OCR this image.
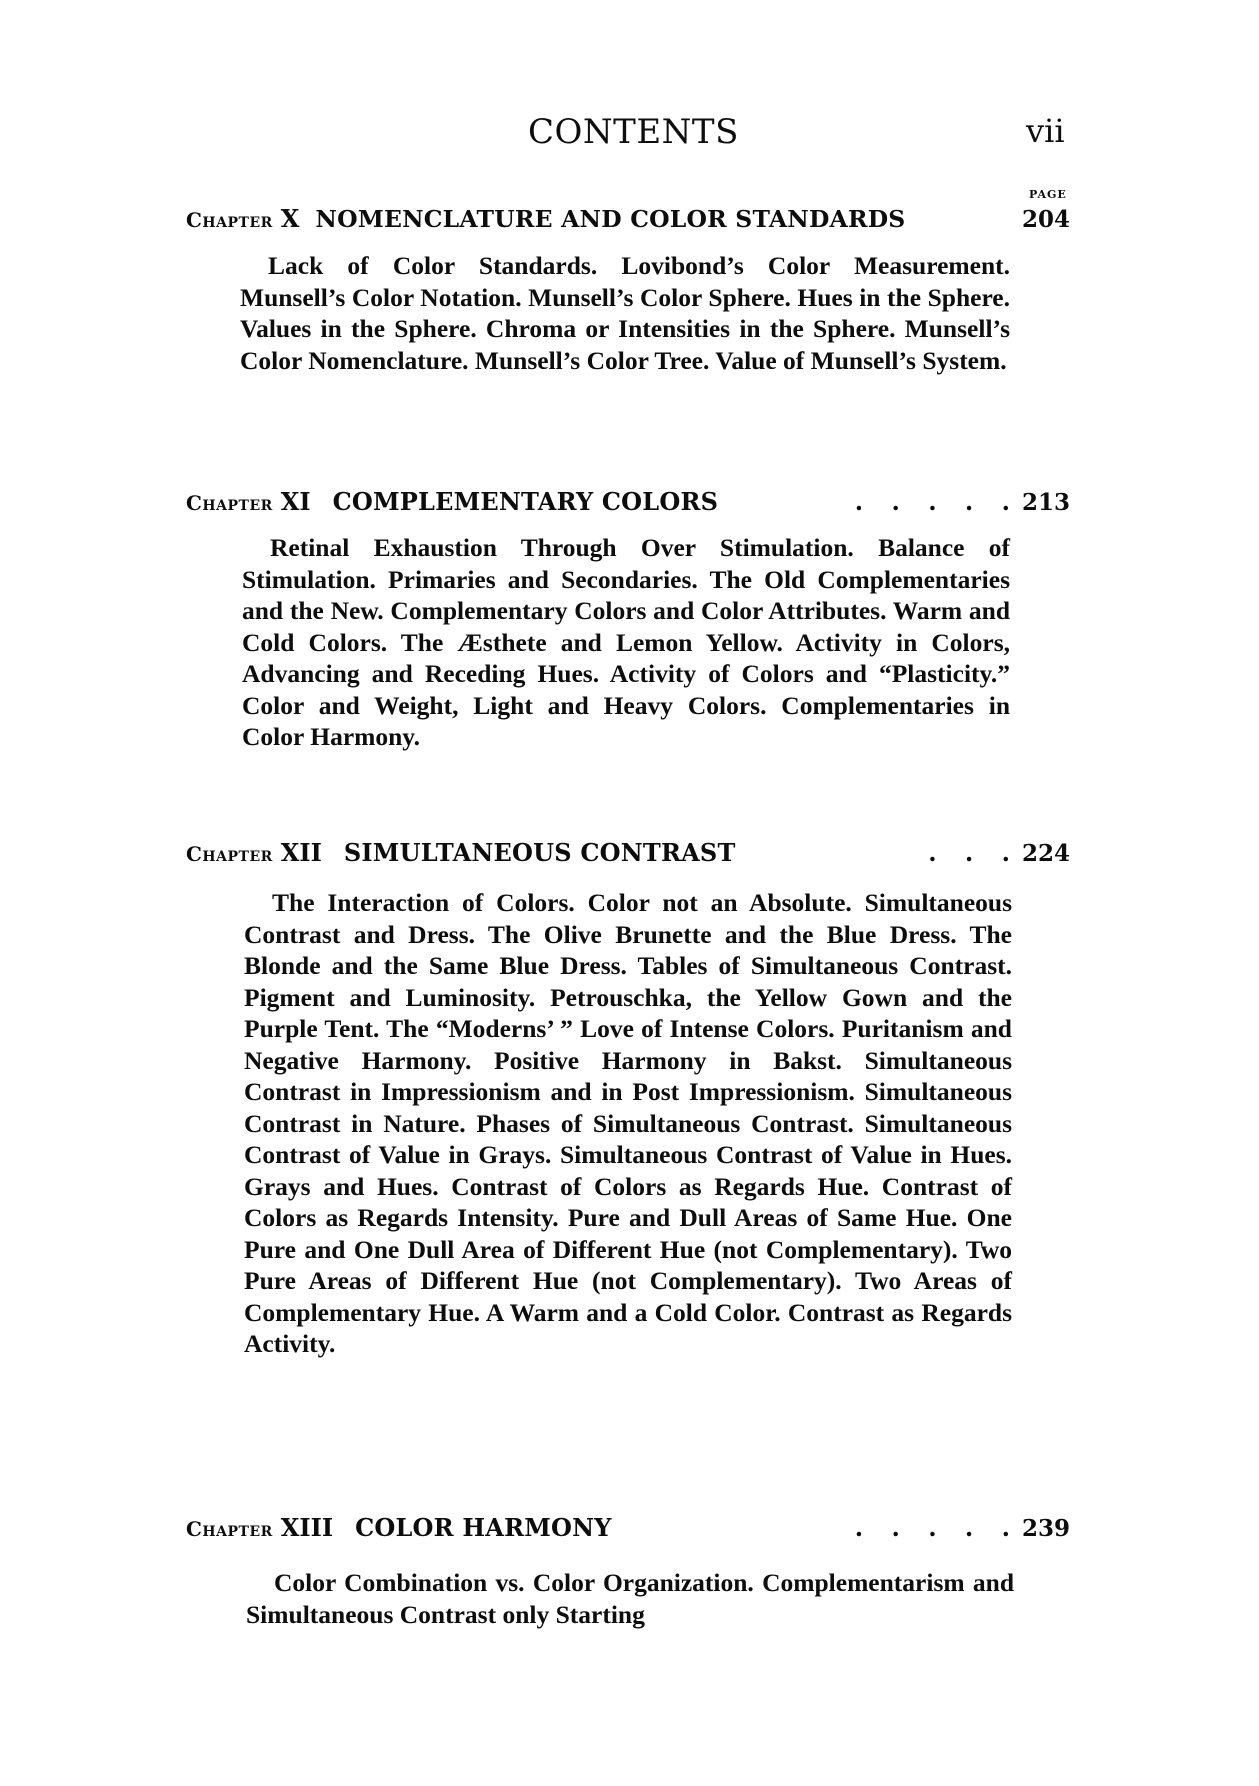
CONTENTS	vii
PAGE
Chapter X NOMENCLATURE AND COLOR STANDARDS	204

Lack of Color Standards. Lovibond’s Color Measurement. Munsell’s Color Notation. Munsell’s Color Sphere. Hues in the Sphere. Values in the Sphere. Chroma or Intensities in the Sphere. Munsell’s Color Nomenclature. Munsell’s Color Tree. Value of Munsell’s System.

Chapter XI COMPLEMENTARY COLORS	. . . . . 213

Retinal Exhaustion Through Over Stimulation. Balance of Stimulation. Primaries and Secondaries. The Old Complementaries and the New. Complementary Colors and Color Attributes. Warm and Cold Colors. The Æsthete and Lemon Yellow. Activity in Colors, Advancing and Receding Hues. Activity of Colors and “Plasticity.” Color and Weight, Light and Heavy Colors. Complementaries in Color Harmony.

Chapter XII SIMULTANEOUS CONTRAST	. . . 224

The Interaction of Colors. Color not an Absolute. Simultaneous Contrast and Dress. The Olive Brunette and the Blue Dress. The Blonde and the Same Blue Dress. Tables of Simultaneous Contrast. Pigment and Luminosity. Petrouschka, the Yellow Gown and the Purple Tent. The “Moderns’ ” Love of Intense Colors. Puritanism and Negative Harmony. Positive Harmony in Bakst. Simultaneous Contrast in Impressionism and in Post Impressionism. Simultaneous Contrast in Nature. Phases of Simultaneous Contrast. Simultaneous Contrast of Value in Grays. Simultaneous Contrast of Value in Hues. Grays and Hues. Contrast of Colors as Regards Hue. Contrast of Colors as Regards Intensity. Pure and Dull Areas of Same Hue. One Pure and One Dull Area of Different Hue (not Complementary). Two Pure Areas of Different Hue (not Complementary). Two Areas of Complementary Hue. A Warm and a Cold Color. Contrast as Regards Activity.

Chapter XIII COLOR HARMONY	. . . . . 239

Color Combination vs. Color Organization. Complementarism and Simultaneous Contrast only Starting
